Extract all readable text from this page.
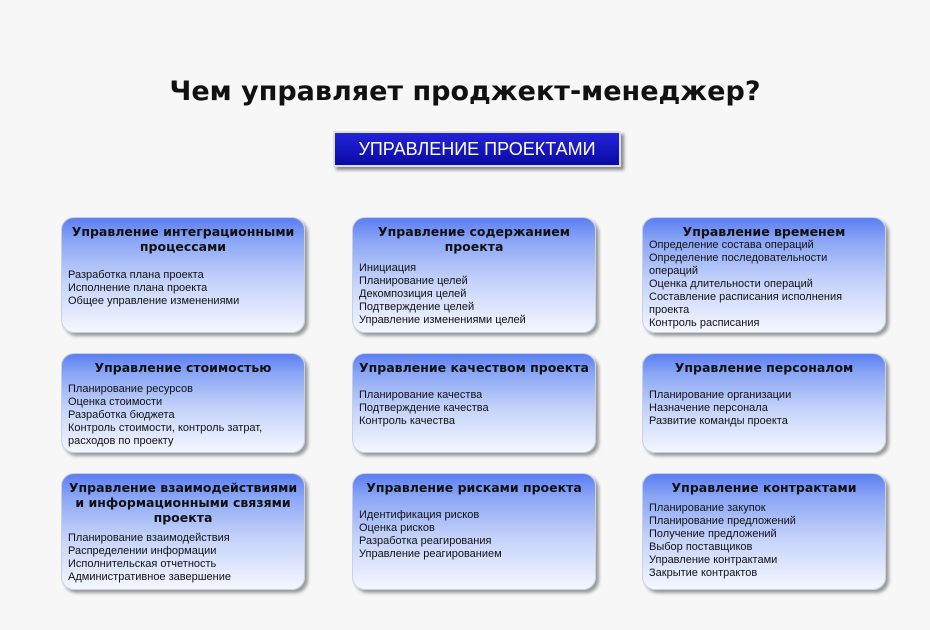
Чем управляет проджект-менеджер?
УПРАВЛЕНИЕ ПРОЕКТАМИ
Управление интеграционными процессами
Разработка плана проекта
Исполнение плана проекта
Общее управление изменениями
Управление содержанием проекта
Инициация
Планирование целей
Декомпозиция целей
Подтверждение целей
Управление изменениями целей
Управление временем
Определение состава операций
Определение последовательности операций
Оценка длительности операций
Составление расписания исполнения проекта
Контроль расписания
Управление стоимостью
Планирование ресурсов
Оценка стоимости
Разработка бюджета
Контроль стоимости, контроль затрат, расходов по проекту
Управление качеством проекта
Планирование качества
Подтверждение качества
Контроль качества
Управление персоналом
Планирование организации
Назначение персонала
Развитие команды проекта
Управление взаимодействиями и информационными связями проекта
Планирование взаимодействия
Распределении информации
Исполнительская отчетность
Административное завершение
Управление рисками проекта
Идентификация рисков
Оценка рисков
Разработка реагирования
Управление реагированием
Управление контрактами
Планирование закупок
Планирование предложений
Получение предложений
Выбор поставщиков
Управление контрактами
Закрытие контрактов
